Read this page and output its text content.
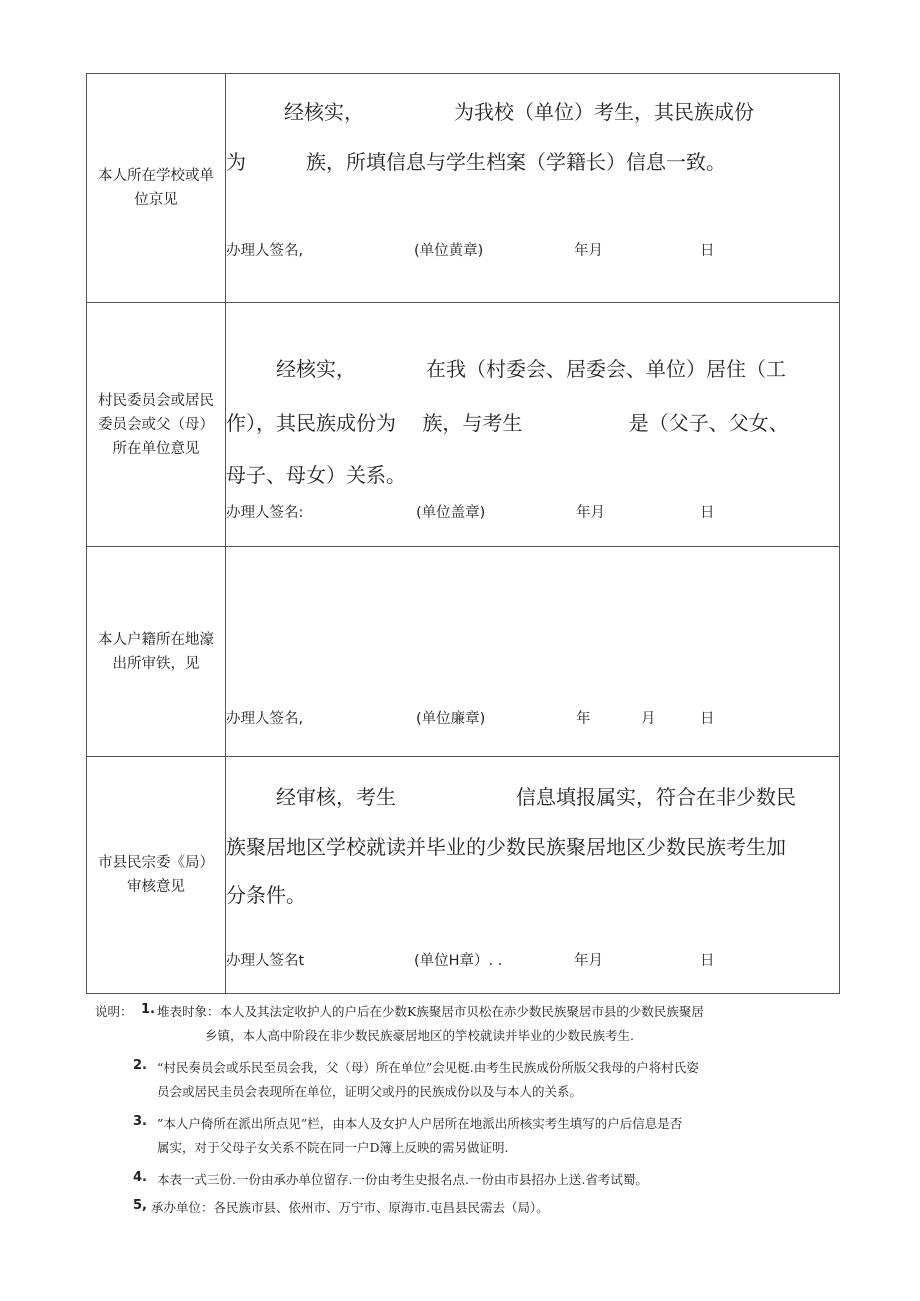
本人所在学校或单位京见
经核实，　　　　　为我校（单位）考生，其民族成份
为　　　族，所填信息与学生档案（学籍长）信息一致。
办理人签名,	(单位黄章)	年月	日
村民委员会或居民委员会或父（母）所在单位意见
经核实，　　　　在我（村委会、居委会、单位）居住（工
作），其民族成份为　 族，与考生　　　　　 是（父子、父女、
母子、母女）关系。
办理人签名:	(单位盖章)	年月	日
本人户籍所在地濠出所审铁，见
办理人签名,	(单位廉章)	年	月	日
市县民宗委《局）审核意见
经审核，考生　　　　　　信息填报属实，符合在非少数民
族聚居地区学校就读并毕业的少数民族聚居地区少数民族考生加
分条件。
办理人签名t	(单位H章）. .	年月	日
说明： 1. 堆表时象：本人及其法定收护人的户后在少数K族聚居市贝松在赤少数民族聚居市县的少数民族聚居
乡镇，本人高中阶段在非少数民族豪居地区的竽校就读并毕业的少数民族考生.
2. “村民奏员会或乐民至员会我，父（母）所在单位”会见梃.由考生民族成份所版父我母的户将村氏姿
员会或居民圭员会表现所在单位，证明父或丹的民族成份以及与本人的关系。
3. ”本人户倚所在派出所点见”栏，由本人及女护人户居所在地派出所核实考生填写的户后信息是否
属实，对于父母子女关系不院在同一户D簿上反映的需另做证明.
4. 本表一式三份.一份由承办单位留存.一份由考生史报名点.一份由市县招办上送.省考试蜀。
5, 承办单位：各民族市县、依州市、万宁市、原海市.屯昌县民需去（局）。
